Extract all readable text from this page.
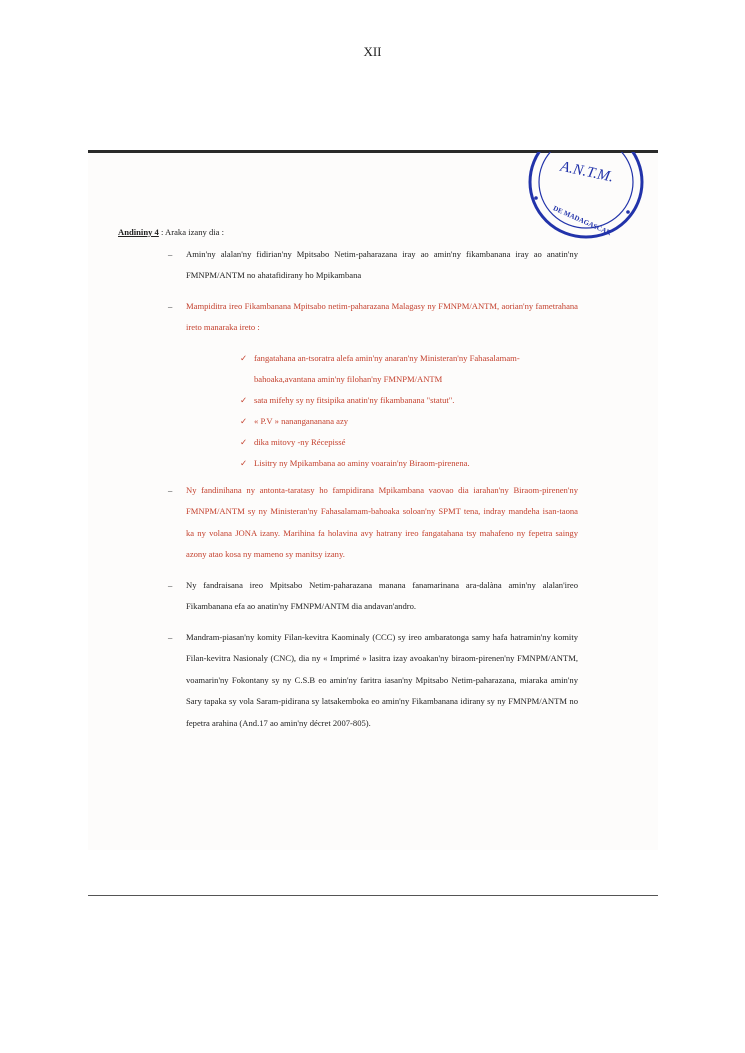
XII
A.N.T.M.
DE MADAGASCAR
Andininy 4 : Araka izany dia :
– Amin'ny alalan'ny fidirian'ny Mpitsabo Netim-paharazana iray ao amin'ny fikambanana iray ao anatin'ny FMNPM/ANTM no ahatafidirany ho Mpikambana
– Mampiditra ireo Fikambanana Mpitsabo netim-paharazana Malagasy ny FMNPM/ANTM, aorian'ny fametrahana ireto manaraka ireto :
✓ fangatahana an-tsoratra alefa amin'ny anaran'ny Ministeran'ny Fahasalamam-bahoaka,avantana amin'ny filohan'ny FMNPM/ANTM
✓ sata mifehy sy ny fitsipika anatin'ny fikambanana "statut".
✓ « P.V » nanangananana azy
✓ dika mitovy -ny Récepissé
✓ Lisitry ny Mpikambana ao aminy voarain'ny Biraom-pirenena.
– Ny fandinihana ny antonta-taratasy ho fampidirana Mpikambana vaovao dia iarahan'ny Biraom-pirenen'ny FMNPM/ANTM sy ny Ministeran'ny Fahasalamam-bahoaka soloan'ny SPMT tena, indray mandeha isan-taona ka ny volana JONA izany. Marihina fa holavina avy hatrany ireo fangatahana tsy mahafeno ny fepetra saingy azony atao kosa ny mameno sy manitsy izany.
– Ny fandraisana ireo Mpitsabo Netim-paharazana manana fanamarinana ara-dalàna amin'ny alalan'ireo Fikambanana efa ao anatin'ny FMNPM/ANTM dia andavan'andro.
– Mandram-piasan'ny komity Filan-kevitra Kaominaly (CCC) sy ireo ambaratonga samy hafa hatramin'ny komity Filan-kevitra Nasionaly (CNC), dia ny « Imprimé » lasitra izay avoakan'ny biraom-pirenen'ny FMNPM/ANTM, voamarin'ny Fokontany sy ny C.S.B eo amin'ny faritra iasan'ny Mpitsabo Netim-paharazana, miaraka amin'ny Sary tapaka sy vola Saram-pidirana sy latsakemboka eo amin'ny Fikambanana idirany sy ny FMNPM/ANTM no fepetra arahina (And.17 ao amin'ny décret 2007-805).
